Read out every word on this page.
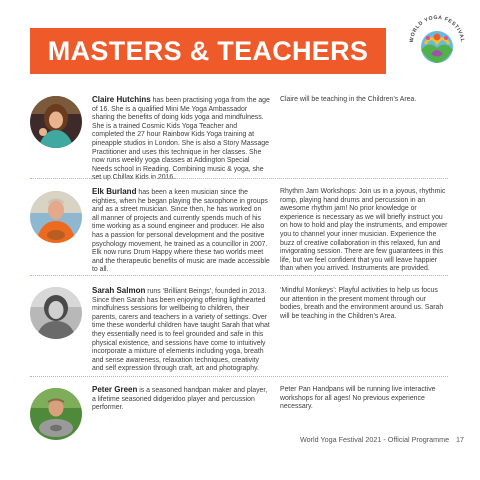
MASTERS & TEACHERS	WORLD YOGA FESTIVAL

Claire Hutchins has been practising yoga from the age of 16. She is a qualified Mini Me Yoga Ambassador sharing the benefits of doing kids yoga and mindfulness. She is a trained Cosmic Kids Yoga Teacher and completed the 27 hour Rainbow Kids Yoga training at pineapple studios in London. She is also a Story Massage Practitioner and uses this technique in her classes. She now runs weekly yoga classes at Addington Special Needs school in Reading. Combining music & yoga, she set up Chillax Kids in 2016.

Claire will be teaching in the Children’s Area.

Elk Burland has been a keen musician since the eighties, when he began playing the saxophone in groups and as a street musician. Since then, he has worked on all manner of projects and currently spends much of his time working as a sound engineer and producer. He also has a passion for personal development and the positive psychology movement, he trained as a councillor in 2007. Elk now runs Drum Happy where these two worlds meet and the therapeutic benefits of music are made accessible to all.

Rhythm Jam Workshops: Join us in a joyous, rhythmic romp, playing hand drums and percussion in an awesome rhythm jam! No prior knowledge or experience is necessary as we will briefly instruct you on how to hold and play the instruments, and empower you to channel your inner musician. Experience the buzz of creative collaboration in this relaxed, fun and invigorating session. There are few guarantees in this life, but we feel confident that you will leave happier than when you arrived. Instruments are provided.

Sarah Salmon runs ‘Brilliant Beings’, founded in 2013. Since then Sarah has been enjoying offering lighthearted mindfulness sessions for wellbeing to children, their parents, carers and teachers in a variety of settings. Over time these wonderful children have taught Sarah that what they essentially need is to feel grounded and safe in this physical existence, and sessions have come to intuitively incorporate a mixture of elements including yoga, breath and sense awareness, relaxation techniques, creativity and self expression through craft, art and photography.

‘Mindful Monkeys’: Playful activities to help us focus our attention in the present moment through our bodies, breath and the environment around us. Sarah will be teaching in the Children’s Area.

Peter Green is a seasoned handpan maker and player, a lifetime seasoned didgeridoo player and percussion performer.

Peter Pan Handpans will be running live interactive workshops for all ages! No previous experience necessary.

World Yoga Festival 2021 - Official Programme 17
